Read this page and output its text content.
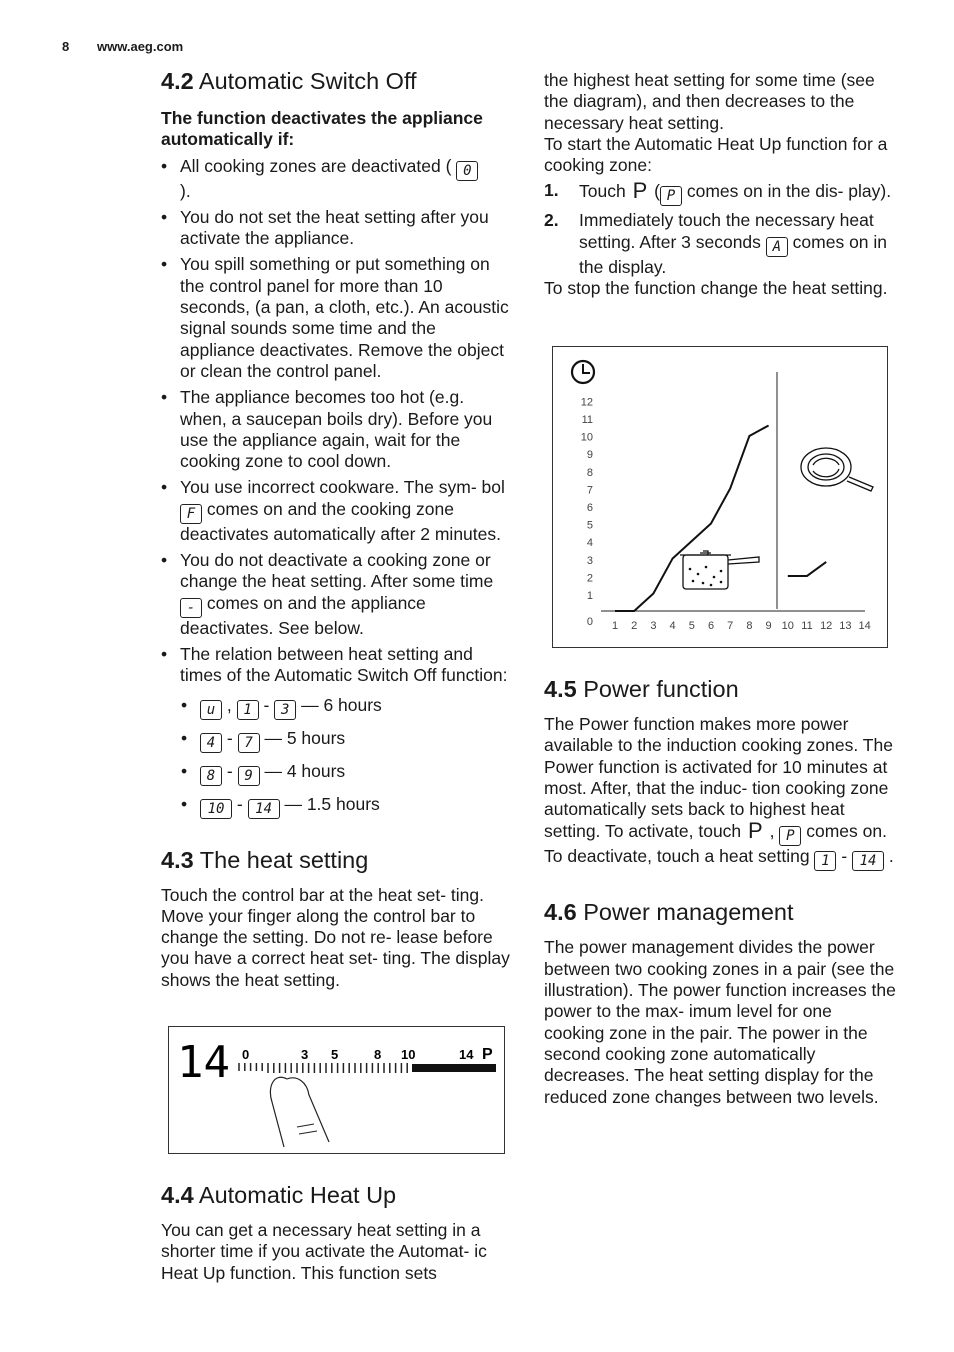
8 www.aeg.com
4.2 Automatic Switch Off

The function deactivates the appliance automatically if:

• All cooking zones are deactivated ( 0
).
• You do not set the heat setting after you activate the appliance.
• You spill something or put something on the control panel for more than 10 seconds, (a pan, a cloth, etc.). An acoustic signal sounds some time and the appliance deactivates. Remove the object or clean the control panel.
• The appliance becomes too hot (e.g. when, a saucepan boils dry). Before you use the appliance again, wait for the cooking zone to cool down.
• You use incorrect cookware. The sym- bol F comes on and the cooking zone deactivates automatically after 2 minutes.
• You do not deactivate a cooking zone or change the heat setting. After some time - comes on and the appliance deactivates. See below.
• The relation between heat setting and times of the Automatic Switch Off function:
• u , 1 - 3 — 6 hours
• 4 - 7 — 5 hours
• 8 - 9 — 4 hours
• 10 - 14 — 1.5 hours
4.3 The heat setting

Touch the control bar at the heat set- ting. Move your finger along the control bar to change the setting. Do not re- lease before you have a correct heat set- ting. The display shows the heat setting.

14 0	3 5	8 10	14 P
4.4 Automatic Heat Up

You can get a necessary heat setting in a shorter time if you activate the Automat- ic Heat Up function. This function sets

the highest heat setting for some time (see the diagram), and then decreases to the necessary heat setting.

To start the Automatic Heat Up function for a cooking zone:

1. Touch P ( P comes on in the dis- play).
2. Immediately touch the necessary heat setting. After 3 seconds A comes on in the display.

To stop the function change the heat setting.

0
1
2
3
4
5
6
7
8
9
10
11
12
1 2 3 4 5 6 7 8 9 10 11 12 13 14
4.5 Power function

The Power function makes more power available to the induction cooking zones. The Power function is activated for 10 minutes at most. After, that the induc- tion cooking zone automatically sets back to highest heat setting. To activate, touch P , P comes on. To deactivate, touch a heat setting 1 - 14 .

4.6 Power management

The power management divides the power between two cooking zones in a pair (see the illustration). The power function increases the power to the max- imum level for one cooking zone in the pair. The power in the second cooking zone automatically decreases. The heat setting display for the reduced zone changes between two levels.
